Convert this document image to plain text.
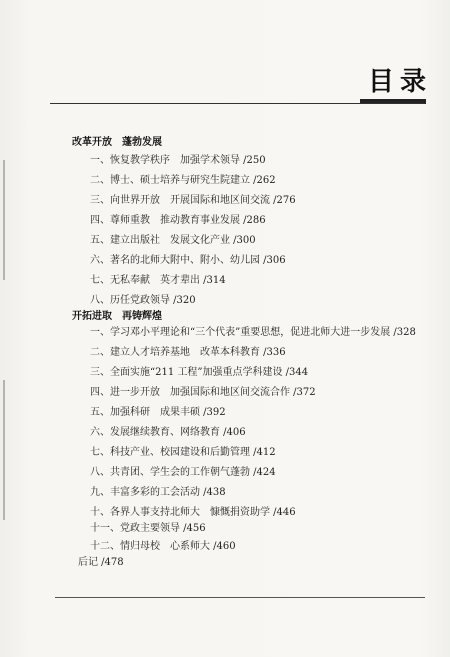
目录
改革开放　蓬勃发展
一、恢复教学秩序　加强学术领导 /250
二、博士、硕士培养与研究生院建立 /262
三、向世界开放　开展国际和地区间交流 /276
四、尊师重教　推动教育事业发展 /286
五、建立出版社　发展文化产业 /300
六、著名的北师大附中、附小、幼儿园 /306
七、无私奉献　英才辈出 /314
八、历任党政领导 /320
开拓进取　再铸辉煌
一、学习邓小平理论和“三个代表”重要思想，促进北师大进一步发展 /328
二、建立人才培养基地　改革本科教育 /336
三、全面实施“211 工程”加强重点学科建设 /344
四、进一步开放　加强国际和地区间交流合作 /372
五、加强科研　成果丰硕 /392
六、发展继续教育、网络教育 /406
七、科技产业、校园建设和后勤管理 /412
八、共青团、学生会的工作朝气蓬勃 /424
九、丰富多彩的工会活动 /438
十、各界人事支持北师大　慷慨捐资助学 /446
十一、党政主要领导 /456
十二、情归母校　心系师大 /460
后记 /478
